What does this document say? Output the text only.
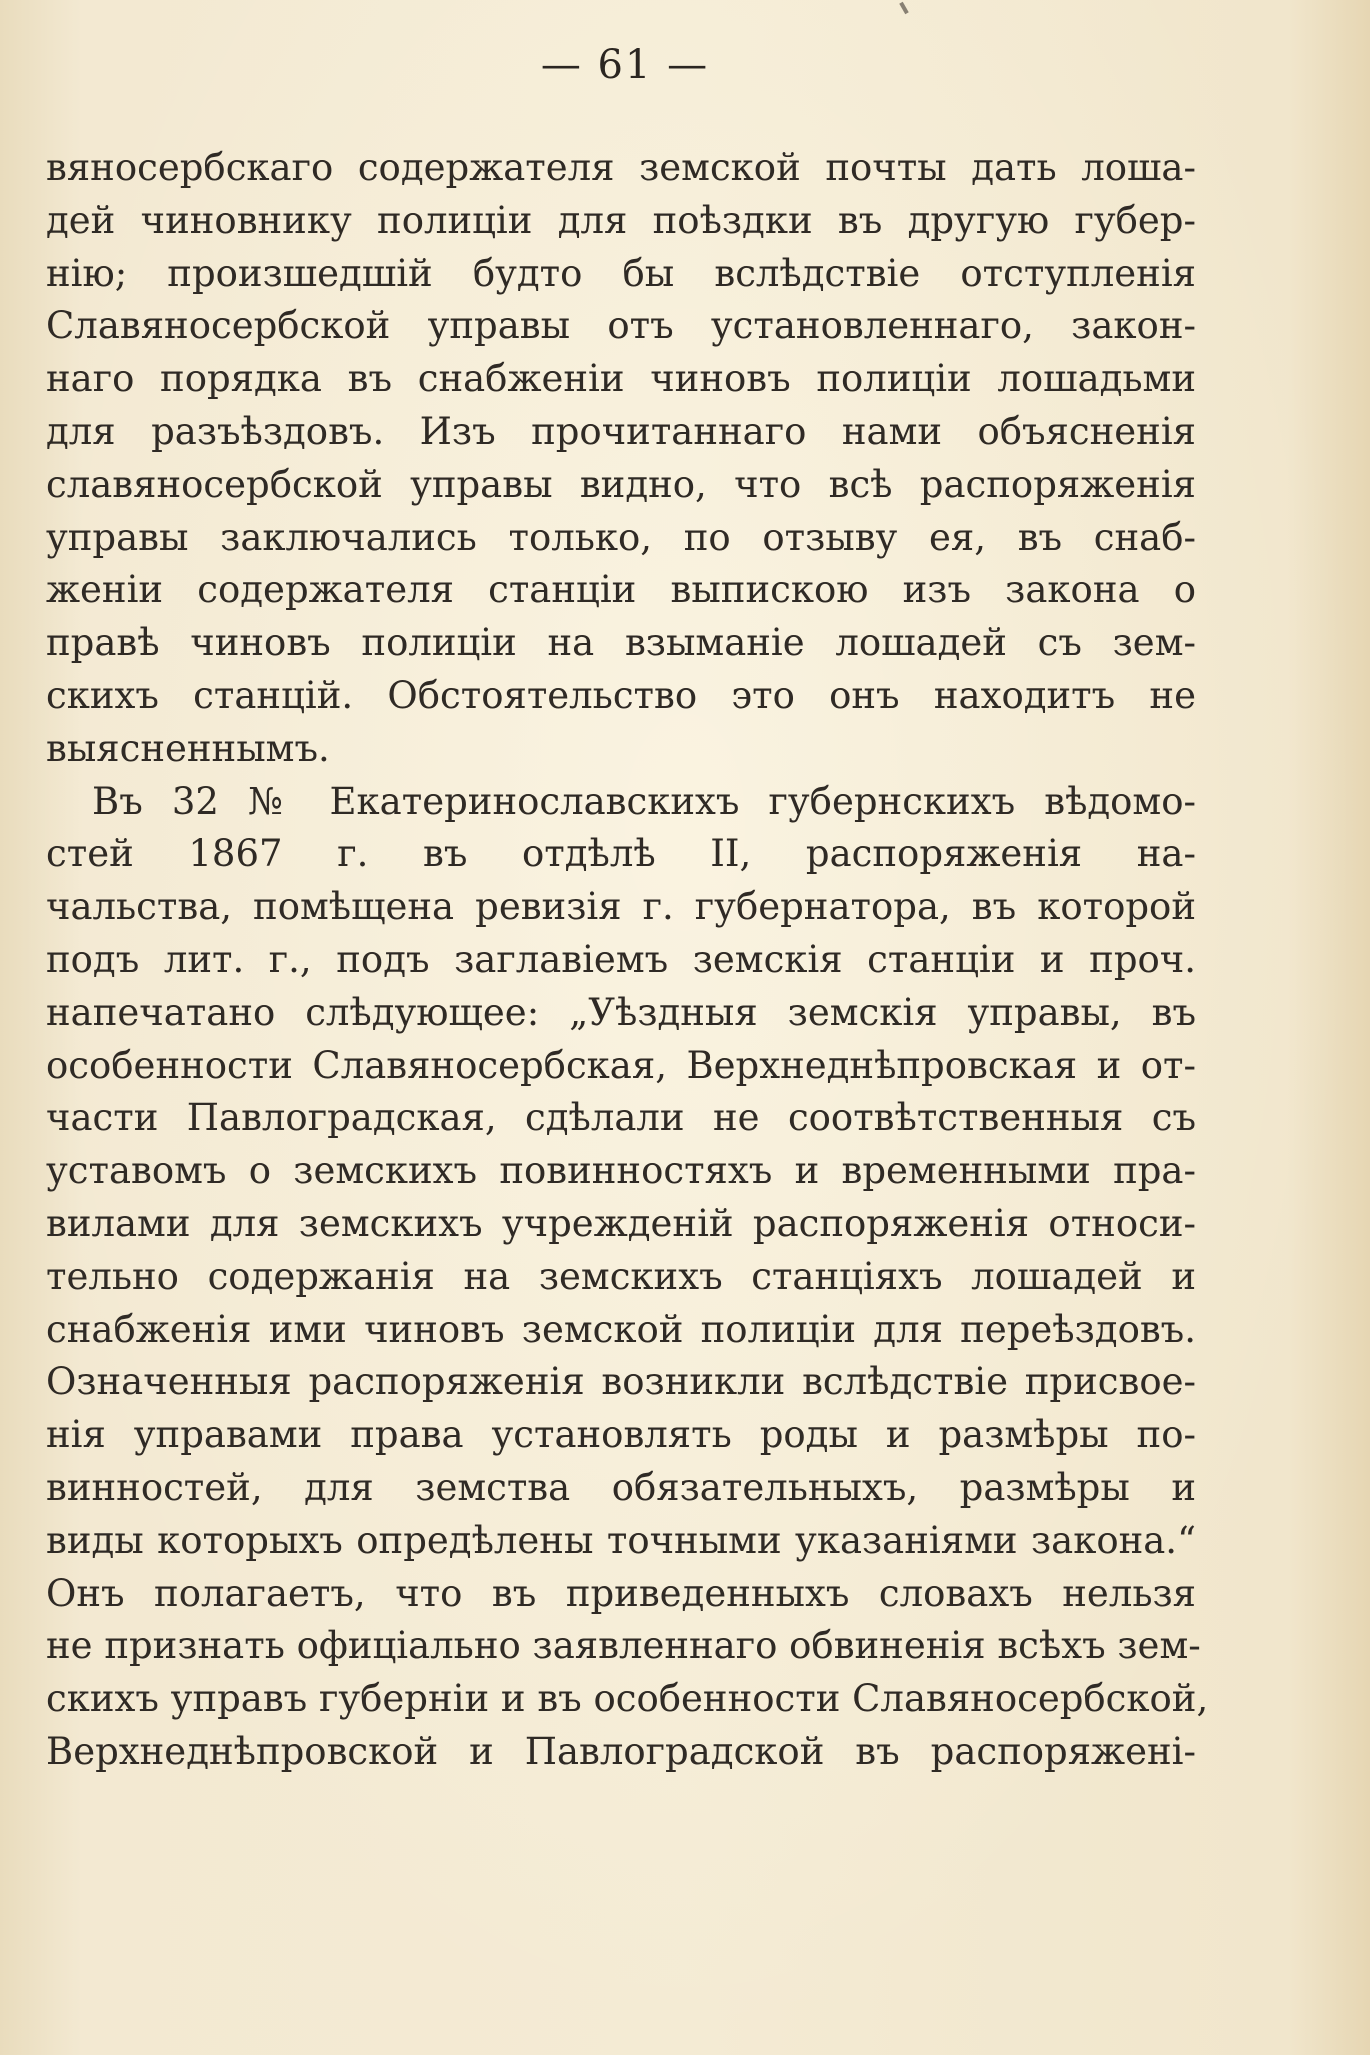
— 61 —
вяносербскаго содержателя земской почты дать лоша-
дей чиновнику полиціи для поѣздки въ другую губер-
нію; произшедшій будто бы вслѣдствіе отступленія
Славяносербской управы отъ установленнаго, закон-
наго порядка въ снабженіи чиновъ полиціи лошадьми
для разъѣздовъ. Изъ прочитаннаго нами объясненія
славяносербской управы видно, что всѣ распоряженія
управы заключались только, по отзыву ея, въ снаб-
женіи содержателя станціи выпискою изъ закона о
правѣ чиновъ полиціи на взыманіе лошадей съ зем-
скихъ станцій. Обстоятельство это онъ находитъ не
выясненнымъ.
Въ 32 № Екатеринославскихъ губернскихъ вѣдомо-
стей 1867 г. въ отдѣлѣ II, распоряженія на-
чальства, помѣщена ревизія г. губернатора, въ которой
подъ лит. г., подъ заглавіемъ земскія станціи и проч.
напечатано слѣдующее: „Уѣздныя земскія управы, въ
особенности Славяносербская, Верхнеднѣпровская и от-
части Павлоградская, сдѣлали не соотвѣтственныя съ
уставомъ о земскихъ повинностяхъ и временными пра-
вилами для земскихъ учрежденій распоряженія относи-
тельно содержанія на земскихъ станціяхъ лошадей и
снабженія ими чиновъ земской полиціи для переѣздовъ.
Означенныя распоряженія возникли вслѣдствіе присвое-
нія управами права установлять роды и размѣры по-
винностей, для земства обязательныхъ, размѣры и
виды которыхъ опредѣлены точными указаніями закона.“
Онъ полагаетъ, что въ приведенныхъ словахъ нельзя
не признать офиціально заявленнаго обвиненія всѣхъ зем-
скихъ управъ губерніи и въ особенности Славяносербской,
Верхнеднѣпровской и Павлоградской въ распоряжені-
